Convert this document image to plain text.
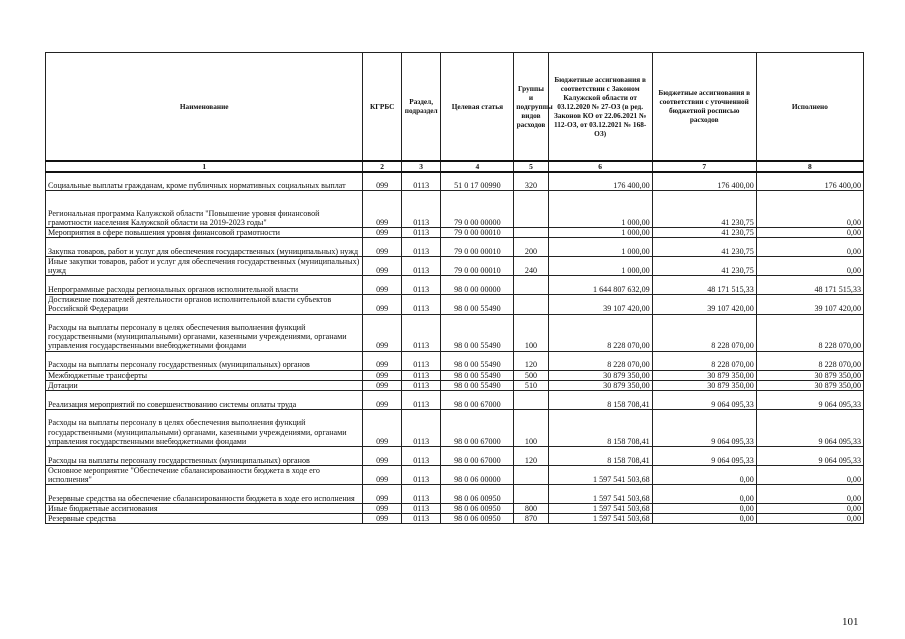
Наименование	КГРБС	Раздел, подраздел	Целевая статья	Группы и подгруппы видов расходов	Бюджетные ассигнования в соответствии с Законом Калужской области от 03.12.2020 № 27-ОЗ (в ред. Законов КО от 22.06.2021 № 112-ОЗ, от 03.12.2021 № 168-ОЗ)	Бюджетные ассигнования в соответствии с уточненной бюджетной росписью расходов	Исполнено
1	2	3	4	5	6	7	8
Социальные выплаты гражданам, кроме публичных нормативных социальных выплат	099	0113	51 0 17 00990	320	176 400,00	176 400,00	176 400,00
Региональная программа Калужской области "Повышение уровня финансовой грамотности населения Калужской области на 2019-2023 годы"	099	0113	79 0 00 00000		1 000,00	41 230,75	0,00
Мероприятия в сфере повышения уровня финансовой грамотности	099	0113	79 0 00 00010		1 000,00	41 230,75	0,00
Закупка товаров, работ и услуг для обеспечения государственных (муниципальных) нужд	099	0113	79 0 00 00010	200	1 000,00	41 230,75	0,00
Иные закупки товаров, работ и услуг для обеспечения государственных (муниципальных) нужд	099	0113	79 0 00 00010	240	1 000,00	41 230,75	0,00
Непрограммные расходы региональных органов исполнительной власти	099	0113	98 0 00 00000		1 644 807 632,09	48 171 515,33	48 171 515,33
Достижение показателей деятельности органов исполнительной власти субъектов Российской Федерации	099	0113	98 0 00 55490		39 107 420,00	39 107 420,00	39 107 420,00
Расходы на выплаты персоналу в целях обеспечения выполнения функций государственными (муниципальными) органами, казенными учреждениями, органами управления государственными внебюджетными фондами	099	0113	98 0 00 55490	100	8 228 070,00	8 228 070,00	8 228 070,00
Расходы на выплаты персоналу государственных (муниципальных) органов	099	0113	98 0 00 55490	120	8 228 070,00	8 228 070,00	8 228 070,00
Межбюджетные трансферты	099	0113	98 0 00 55490	500	30 879 350,00	30 879 350,00	30 879 350,00
Дотации	099	0113	98 0 00 55490	510	30 879 350,00	30 879 350,00	30 879 350,00
Реализация мероприятий по совершенствованию системы оплаты труда	099	0113	98 0 00 67000		8 158 708,41	9 064 095,33	9 064 095,33
Расходы на выплаты персоналу в целях обеспечения выполнения функций государственными (муниципальными) органами, казенными учреждениями, органами управления государственными внебюджетными фондами	099	0113	98 0 00 67000	100	8 158 708,41	9 064 095,33	9 064 095,33
Расходы на выплаты персоналу государственных (муниципальных) органов	099	0113	98 0 00 67000	120	8 158 708,41	9 064 095,33	9 064 095,33
Основное мероприятие "Обеспечение сбалансированности бюджета в ходе его исполнения"	099	0113	98 0 06 00000		1 597 541 503,68	0,00	0,00
Резервные средства на обеспечение сбалансированности бюджета в ходе его исполнения	099	0113	98 0 06 00950		1 597 541 503,68	0,00	0,00
Иные бюджетные ассигнования	099	0113	98 0 06 00950	800	1 597 541 503,68	0,00	0,00
Резервные средства	099	0113	98 0 06 00950	870	1 597 541 503,68	0,00	0,00
101
